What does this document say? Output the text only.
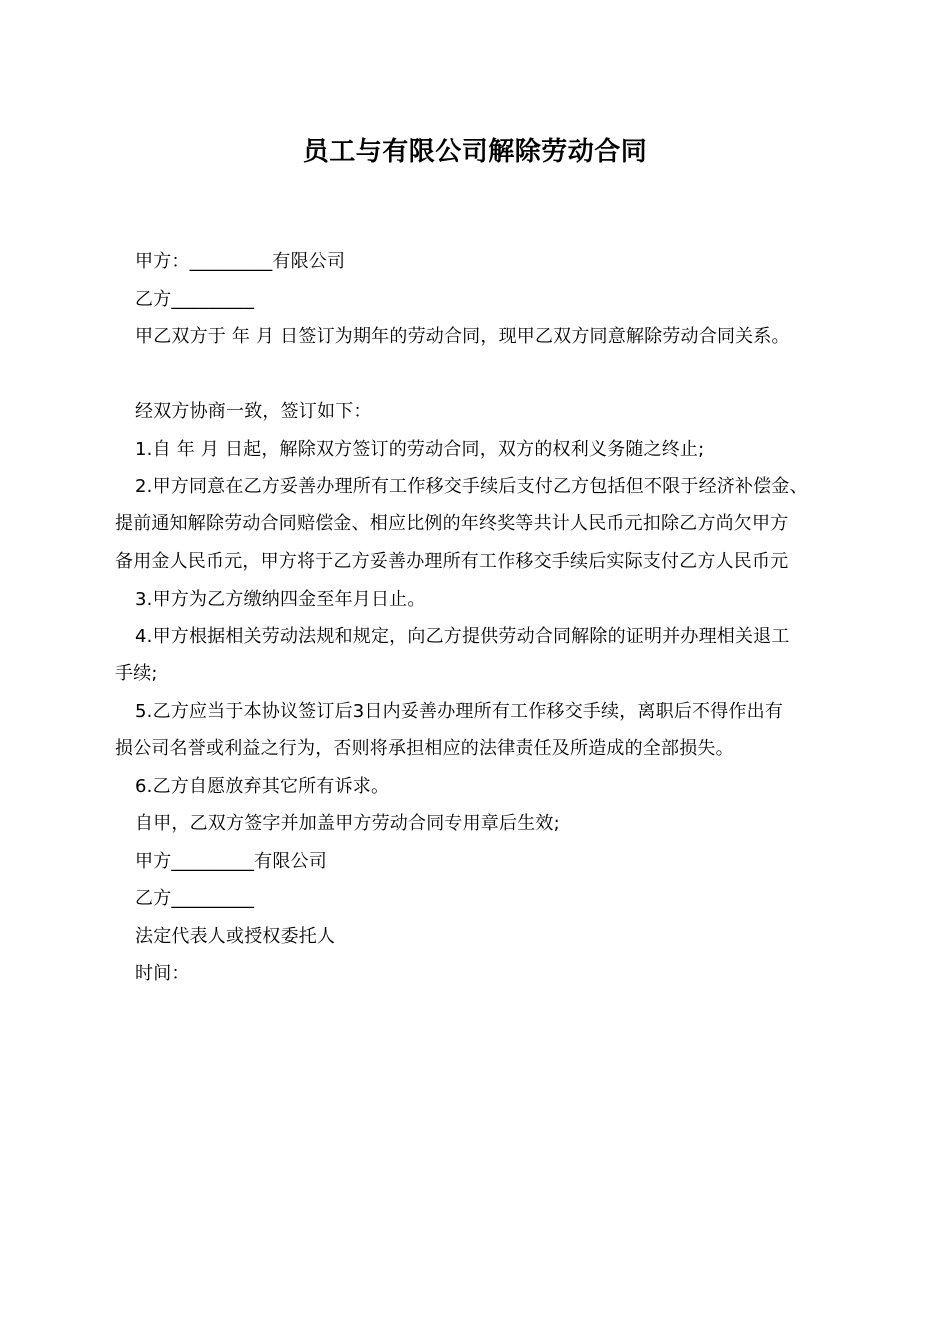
员工与有限公司解除劳动合同
甲方：_________有限公司
乙方_________
甲乙双方于 年 月 日签订为期年的劳动合同，现甲乙双方同意解除劳动合同关系。
经双方协商一致，签订如下：
1.自 年 月 日起，解除双方签订的劳动合同，双方的权利义务随之终止;
2.甲方同意在乙方妥善办理所有工作移交手续后支付乙方包括但不限于经济补偿金、
提前通知解除劳动合同赔偿金、相应比例的年终奖等共计人民币元扣除乙方尚欠甲方
备用金人民币元，甲方将于乙方妥善办理所有工作移交手续后实际支付乙方人民币元
3.甲方为乙方缴纳四金至年月日止。
4.甲方根据相关劳动法规和规定，向乙方提供劳动合同解除的证明并办理相关退工
手续;
5.乙方应当于本协议签订后3日内妥善办理所有工作移交手续，离职后不得作出有
损公司名誉或利益之行为，否则将承担相应的法律责任及所造成的全部损失。
6.乙方自愿放弃其它所有诉求。
自甲，乙双方签字并加盖甲方劳动合同专用章后生效;
甲方_________有限公司
乙方_________
法定代表人或授权委托人
时间：
